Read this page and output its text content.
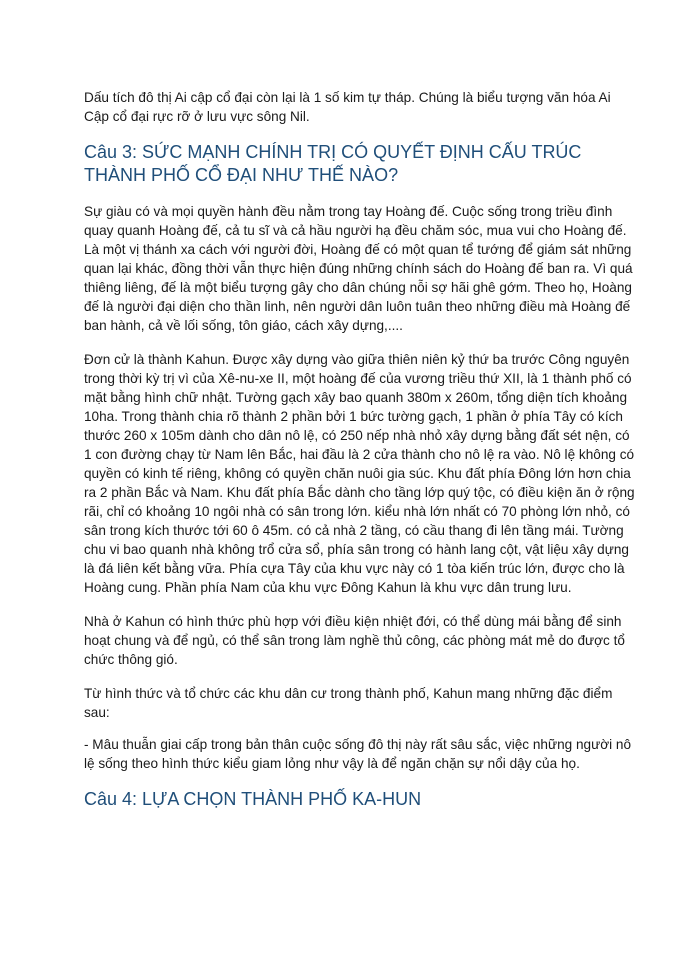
Dấu tích đô thị Ai cập cổ đại còn lại là 1 số kim tự tháp. Chúng là biểu tượng văn hóa Ai Cập cổ đại rực rỡ ở lưu vực sông Nil.

Câu 3: SỨC MẠNH CHÍNH TRỊ CÓ QUYẾT ĐỊNH CẤU TRÚC THÀNH PHỐ CỔ ĐẠI NHƯ THẾ NÀO?

Sự giàu có và mọi quyền hành đều nằm trong tay Hoàng đế. Cuộc sống trong triều đình quay quanh Hoàng đế, cả tu sĩ và cả hầu người hạ đều chăm sóc, mua vui cho Hoàng đế. Là một vị thánh xa cách với người đời, Hoàng đế có một quan tể tướng để giám sát những quan lại khác, đồng thời vẫn thực hiện đúng những chính sách do Hoàng đế ban ra. Vì quá thiêng liêng, đế là một biểu tượng gây cho dân chúng nỗi sợ hãi ghê gớm. Theo họ, Hoàng đế là người đại diện cho thần linh, nên người dân luôn tuân theo những điều mà Hoàng đế ban hành, cả về lối sống, tôn giáo, cách xây dựng,....

Đơn cử là thành Kahun. Được xây dựng vào giữa thiên niên kỷ thứ ba trước Công nguyên trong thời kỳ trị vì của Xê-nu-xe II, một hoàng đế của vương triều thứ XII, là 1 thành phố có mặt bằng hình chữ nhật. Tường gạch xây bao quanh 380m x 260m, tổng diện tích khoảng 10ha. Trong thành chia rõ thành 2 phần bởi 1 bức tường gạch, 1 phần ở phía Tây có kích thước 260 x 105m dành cho dân nô lệ, có 250 nếp nhà nhỏ xây dựng bằng đất sét nện, có 1 con đường chạy từ Nam lên Bắc, hai đầu là 2 cửa thành cho nô lệ ra vào. Nô lệ không có quyền có kinh tế riêng, không có quyền chăn nuôi gia súc. Khu đất phía Đông lớn hơn chia ra 2 phần Bắc và Nam. Khu đất phía Bắc dành cho tầng lớp quý tộc, có điều kiện ăn ở rộng rãi, chỉ có khoảng 10 ngôi nhà có sân trong lớn. kiểu nhà lớn nhất có 70 phòng lớn nhỏ, có sân trong kích thước tới 60 ô 45m. có cả nhà 2 tầng, có cầu thang đi lên tầng mái. Tường chu vi bao quanh nhà không trổ cửa sổ, phía sân trong có hành lang cột, vật liệu xây dựng là đá liên kết bằng vữa. Phía cựa Tây của khu vực này có 1 tòa kiến trúc lớn, được cho là Hoàng cung. Phần phía Nam của khu vực Đông Kahun là khu vực dân trung lưu.

Nhà ở Kahun có hình thức phù hợp với điều kiện nhiệt đới, có thể dùng mái bằng để sinh hoạt chung và để ngủ, có thể sân trong làm nghề thủ công, các phòng mát mẻ do được tổ chức thông gió.

Từ hình thức và tổ chức các khu dân cư trong thành phố, Kahun mang những đặc điểm sau:

- Mâu thuẫn giai cấp trong bản thân cuộc sống đô thị này rất sâu sắc, việc những người nô lệ sống theo hình thức kiểu giam lỏng như vậy là để ngăn chặn sự nổi dậy của họ.

Câu 4: LỰA CHỌN THÀNH PHỐ KA-HUN
